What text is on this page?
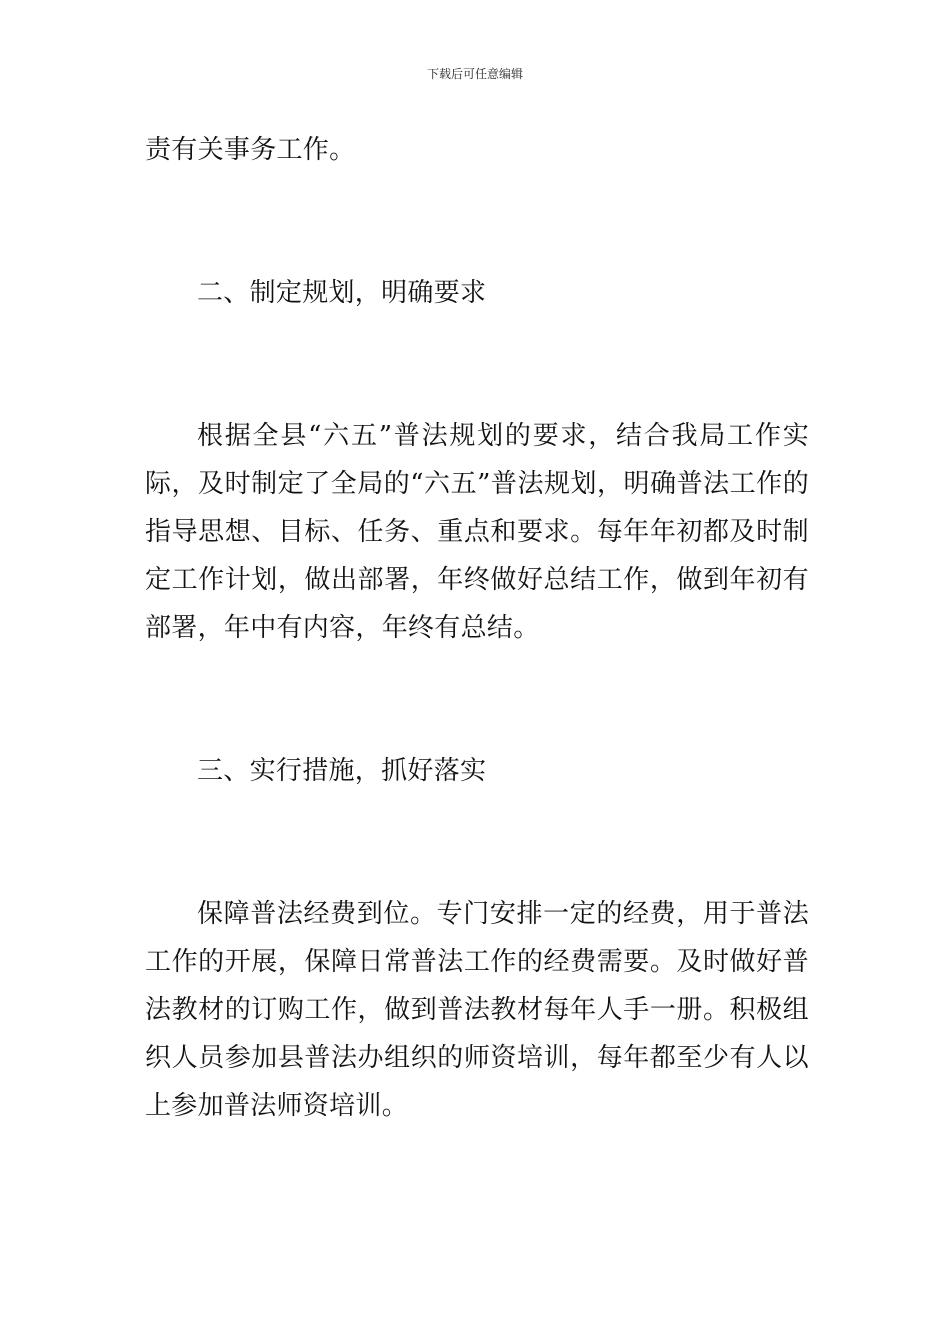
下载后可任意编辑

责有关事务工作。

二、制定规划，明确要求

根据全县“六五”普法规划的要求，结合我局工作实际，及时制定了全局的“六五”普法规划，明确普法工作的指导思想、目标、任务、重点和要求。每年年初都及时制定工作计划，做出部署，年终做好总结工作，做到年初有部署，年中有内容，年终有总结。

三、实行措施，抓好落实

保障普法经费到位。专门安排一定的经费，用于普法工作的开展，保障日常普法工作的经费需要。及时做好普法教材的订购工作，做到普法教材每年人手一册。积极组织人员参加县普法办组织的师资培训，每年都至少有人以上参加普法师资培训。
